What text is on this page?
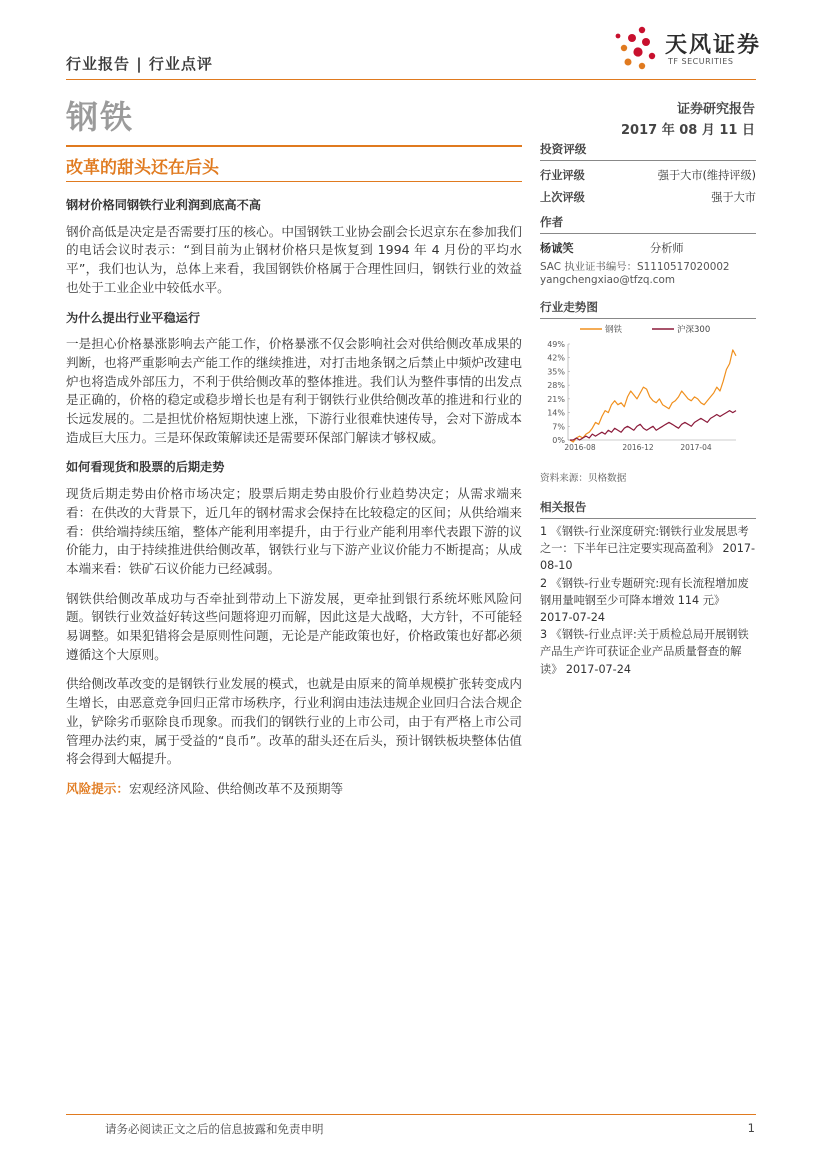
行业报告 | 行业点评
天风证券
TF SECURITIES
钢铁	证券研究报告
2017 年 08 月 11 日
改革的甜头还在后头
钢材价格同钢铁行业利润到底高不高

钢价高低是决定是否需要打压的核心。中国钢铁工业协会副会长迟京东在参加我们的电话会议时表示：“到目前为止钢材价格只是恢复到 1994 年 4 月份的平均水平”，我们也认为，总体上来看，我国钢铁价格属于合理性回归，钢铁行业的效益也处于工业企业中较低水平。

为什么提出行业平稳运行

一是担心价格暴涨影响去产能工作，价格暴涨不仅会影响社会对供给侧改革成果的判断，也将严重影响去产能工作的继续推进，对打击地条钢之后禁止中频炉改建电炉也将造成外部压力，不利于供给侧改革的整体推进。我们认为整件事情的出发点是正确的，价格的稳定或稳步增长也是有利于钢铁行业供给侧改革的推进和行业的长远发展的。二是担忧价格短期快速上涨，下游行业很难快速传导，会对下游成本造成巨大压力。三是环保政策解读还是需要环保部门解读才够权威。

如何看现货和股票的后期走势

现货后期走势由价格市场决定；股票后期走势由股价行业趋势决定；从需求端来看：在供改的大背景下，近几年的钢材需求会保持在比较稳定的区间；从供给端来看：供给端持续压缩，整体产能利用率提升，由于行业产能利用率代表跟下游的议价能力，由于持续推进供给侧改革，钢铁行业与下游产业议价能力不断提高；从成本端来看：铁矿石议价能力已经减弱。

钢铁供给侧改革成功与否牵扯到带动上下游发展，更牵扯到银行系统坏账风险问题。钢铁行业效益好转这些问题将迎刃而解，因此这是大战略，大方针，不可能轻易调整。如果犯错将会是原则性问题，无论是产能政策也好，价格政策也好都必须遵循这个大原则。

供给侧改革改变的是钢铁行业发展的模式，也就是由原来的简单规模扩张转变成内生增长，由恶意竞争回归正常市场秩序，行业利润由违法违规企业回归合法合规企业，铲除劣币驱除良币现象。而我们的钢铁行业的上市公司，由于有严格上市公司管理办法约束，属于受益的“良币”。改革的甜头还在后头，预计钢铁板块整体估值将会得到大幅提升。

风险提示：宏观经济风险、供给侧改革不及预期等

投资评级
行业评级	强于大市(维持评级)
上次评级	强于大市
作者
杨诚笑	分析师
SAC 执业证书编号：S1110517020002
yangchengxiao@tfzq.com
行业走势图
0%
7%
14%
21%
28%
35%
42%
49%
2016-08	2016-12	2017-04
钢铁	沪深300
资料来源：贝格数据
相关报告
1 《钢铁-行业深度研究:钢铁行业发展思考之一：下半年已注定要实现高盈利》 2017-08-10
2 《钢铁-行业专题研究:现有长流程增加废钢用量吨钢至少可降本增效 114 元》 2017-07-24
3 《钢铁-行业点评:关于质检总局开展钢铁产品生产许可获证企业产品质量督查的解读》 2017-07-24
请务必阅读正文之后的信息披露和免责申明	1
